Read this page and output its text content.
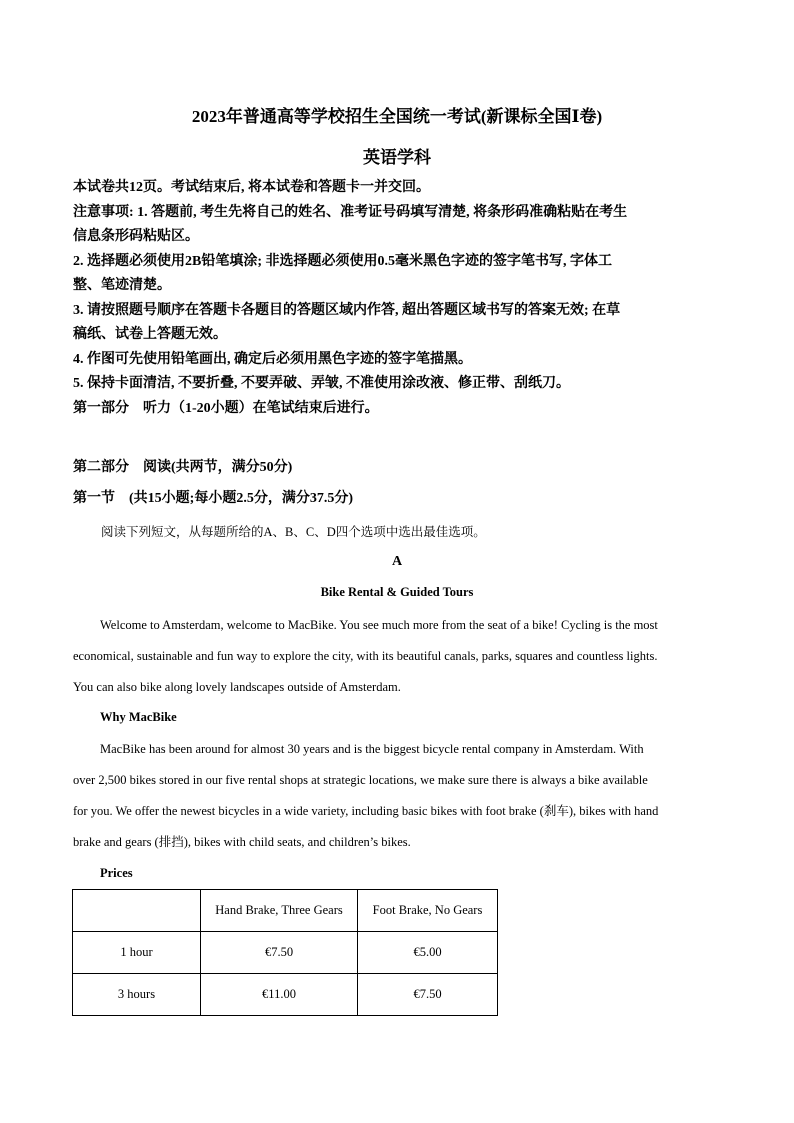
2023年普通高等学校招生全国统一考试(新课标全国Ⅰ卷)
英语学科
本试卷共12页。考试结束后, 将本试卷和答题卡一并交回。
注意事项: 1. 答题前, 考生先将自己的姓名、准考证号码填写清楚, 将条形码准确粘贴在考生
信息条形码粘贴区。
2. 选择题必须使用2B铅笔填涂; 非选择题必须使用0.5毫米黑色字迹的签字笔书写, 字体工
整、笔迹清楚。
3. 请按照题号顺序在答题卡各题目的答题区域内作答, 超出答题区域书写的答案无效; 在草
稿纸、试卷上答题无效。
4. 作图可先使用铅笔画出, 确定后必须用黑色字迹的签字笔描黑。
5. 保持卡面清洁, 不要折叠, 不要弄破、弄皱, 不准使用涂改液、修正带、刮纸刀。
第一部分　听力（1-20小题）在笔试结束后进行。
第二部分　阅读(共两节，满分50分)
第一节　(共15小题;每小题2.5分，满分37.5分)
阅读下列短文，从每题所给的A、B、C、D四个选项中选出最佳选项。
A
Bike Rental & Guided Tours
Welcome to Amsterdam, welcome to MacBike. You see much more from the seat of a bike! Cycling is the most
economical, sustainable and fun way to explore the city, with its beautiful canals, parks, squares and countless lights.
You can also bike along lovely landscapes outside of Amsterdam.
Why MacBike
MacBike has been around for almost 30 years and is the biggest bicycle rental company in Amsterdam. With
over 2,500 bikes stored in our five rental shops at strategic locations, we make sure there is always a bike available
for you. We offer the newest bicycles in a wide variety, including basic bikes with foot brake (刹车), bikes with hand
brake and gears (排挡), bikes with child seats, and children’s bikes.
Prices
	Hand Brake, Three Gears	Foot Brake, No Gears
1 hour	€7.50	€5.00
3 hours	€11.00	€7.50
